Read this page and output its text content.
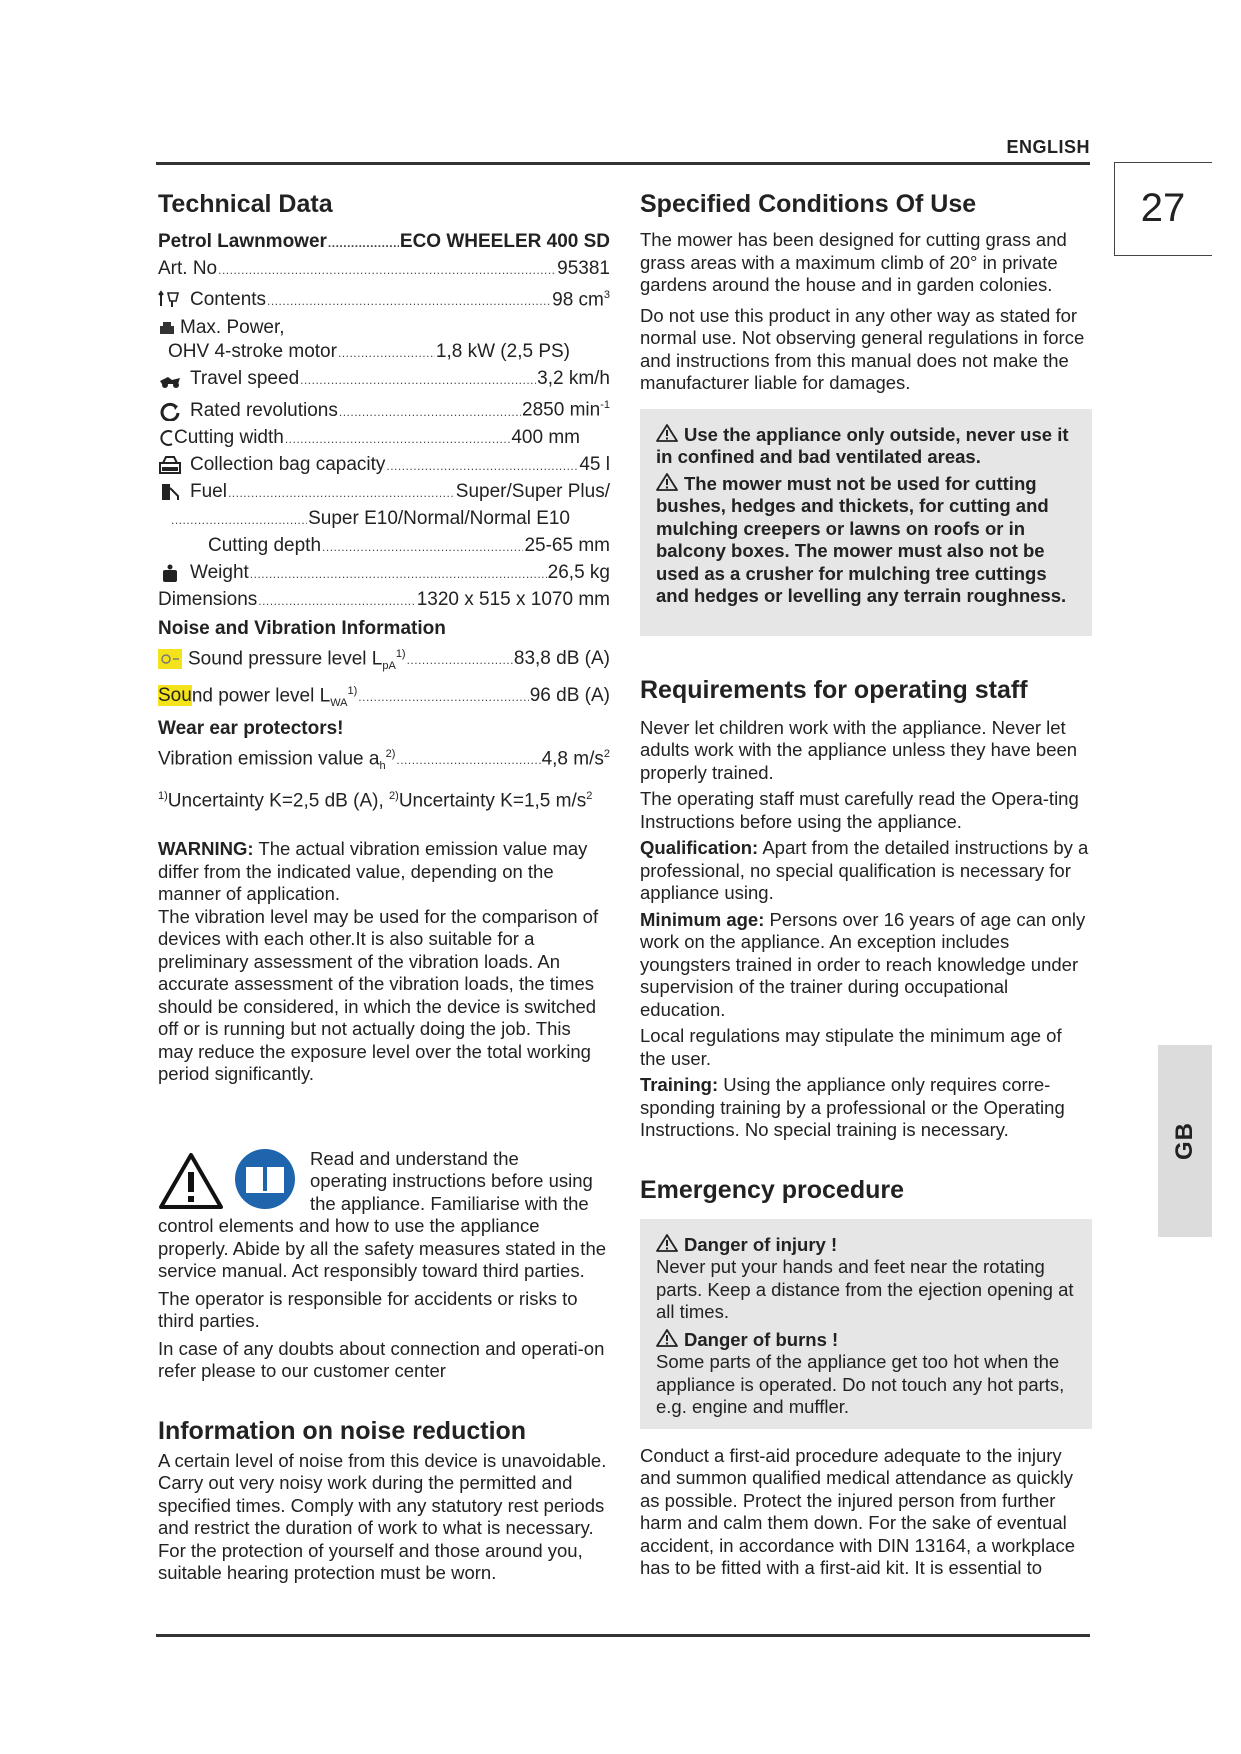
ENGLISH
27
GB
Technical Data
Petrol Lawnmower .....	ECO WHEELER 400 SD
Art. No .....	95381
Contents .....	98 $cm^3$
Max. Power,
OHV 4-stroke motor .....	1,8 kW (2,5 PS)
Travel speed .....	3,2 km/h
Rated revolutions .....	2850 $\min^{-1}$
Cutting width .....	400 mm
Collection bag capacity .....	45 l
Fuel .....	Super/Super Plus/
.....
Super E10/Normal/Normal E10
Cutting depth .....	25-65 mm
Weight .....	26,5 kg
Dimensions .....	1320 x 515 x 1070 mm
Noise and Vibration Information
Sound pressure level $L_{pA}^{1)}$ .....	83,8 dB (A)
Sound power level $L_{WA}^{1)}$ .....	96 dB (A)
Wear ear protectors!
Vibration emission value $a_h^{2)}$ .....	4,8 $m/s^2$
$^{1)}$Uncertainty K=2,5 dB (A), $^{2)}$Uncertainty K=1,5 $m/s^2$

WARNING: The actual vibration emission value may differ from the indicated value, depending on the manner of application.

The vibration level may be used for the comparison of devices with each other.It is also suitable for a preliminary assessment of the vibration loads. An accurate assessment of the vibration loads, the times should be considered, in which the device is switched off or is running but not actually doing the job. This may reduce the exposure level over the total working period significantly.

Read and understand the
operating instructions before using
the appliance. Familiarise with the

control elements and how to use the appliance properly. Abide by all the safety measures stated in the service manual. Act responsibly toward third parties.

The operator is responsible for accidents or risks to third parties.

In case of any doubts about connection and operati-on refer please to our customer center

Information on noise reduction

A certain level of noise from this device is unavoidable. Carry out very noisy work during the permitted and specified times. Comply with any statutory rest periods and restrict the duration of work to what is necessary. For the protection of yourself and those around you, suitable hearing protection must be worn.

Specified Conditions Of Use

The mower has been designed for cutting grass and grass areas with a maximum climb of 20° in private gardens around the house and in garden colonies.

Do not use this product in any other way as stated for normal use. Not observing general regulations in force and instructions from this manual does not make the manufacturer liable for damages.

Use the appliance only outside, never use it in confined and bad ventilated areas.

The mower must not be used for cutting bushes, hedges and thickets, for cutting and mulching creepers or lawns on roofs or in balcony boxes. The mower must also not be used as a crusher for mulching tree cuttings and hedges or levelling any terrain roughness.

Requirements for operating staff

Never let children work with the appliance. Never let adults work with the appliance unless they have been properly trained.

The operating staff must carefully read the Opera-ting Instructions before using the appliance.

Qualification: Apart from the detailed instructions by a professional, no special qualification is necessary for appliance using.

Minimum age: Persons over 16 years of age can only work on the appliance. An exception includes youngsters trained in order to reach knowledge under supervision of the trainer during occupational education.

Local regulations may stipulate the minimum age of the user.

Training: Using the appliance only requires corre-sponding training by a professional or the Operating Instructions. No special training is necessary.

Emergency procedure

Danger of injury !

Never put your hands and feet near the rotating parts. Keep a distance from the ejection opening at all times.

Danger of burns !

Some parts of the appliance get too hot when the appliance is operated. Do not touch any hot parts, e.g. engine and muffler.

Conduct a first-aid procedure adequate to the injury and summon qualified medical attendance as quickly as possible. Protect the injured person from further harm and calm them down. For the sake of eventual accident, in accordance with DIN 13164, a workplace has to be fitted with a first-aid kit. It is essential to
